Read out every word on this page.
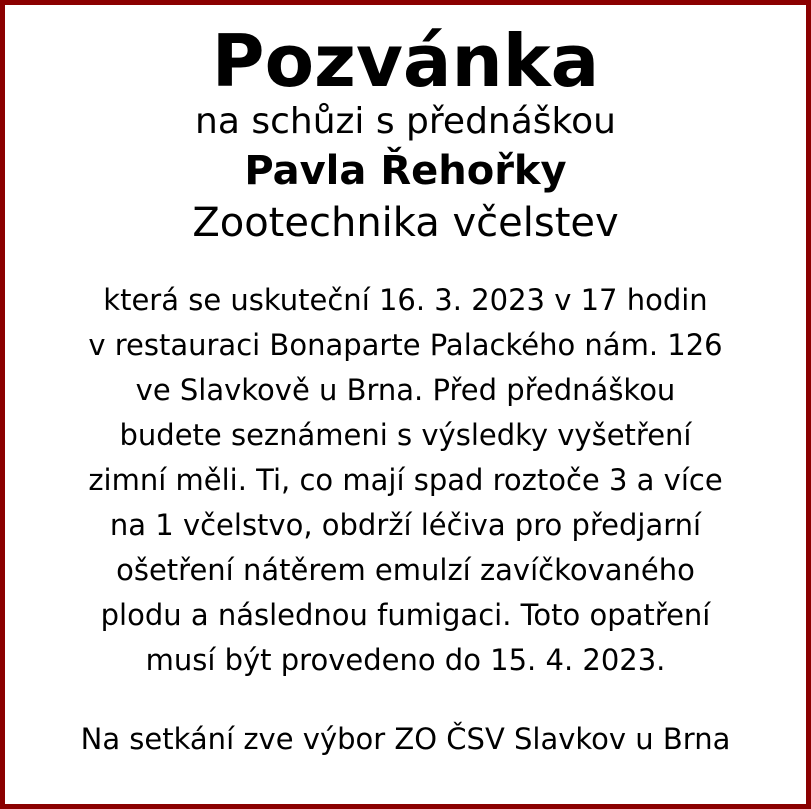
Pozvánka
na schůzi s přednáškou
Pavla Řehořky
Zootechnika včelstev
která se uskuteční 16. 3. 2023 v 17 hodin
v restauraci Bonaparte Palackého nám. 126
ve Slavkově u Brna. Před přednáškou
budete seznámeni s výsledky vyšetření
zimní měli. Ti, co mají spad roztoče 3 a více
na 1 včelstvo, obdrží léčiva pro předjarní
ošetření nátěrem emulzí zavíčkovaného
plodu a následnou fumigaci. Toto opatření
musí být provedeno do 15. 4. 2023.
Na setkání zve výbor ZO ČSV Slavkov u Brna
